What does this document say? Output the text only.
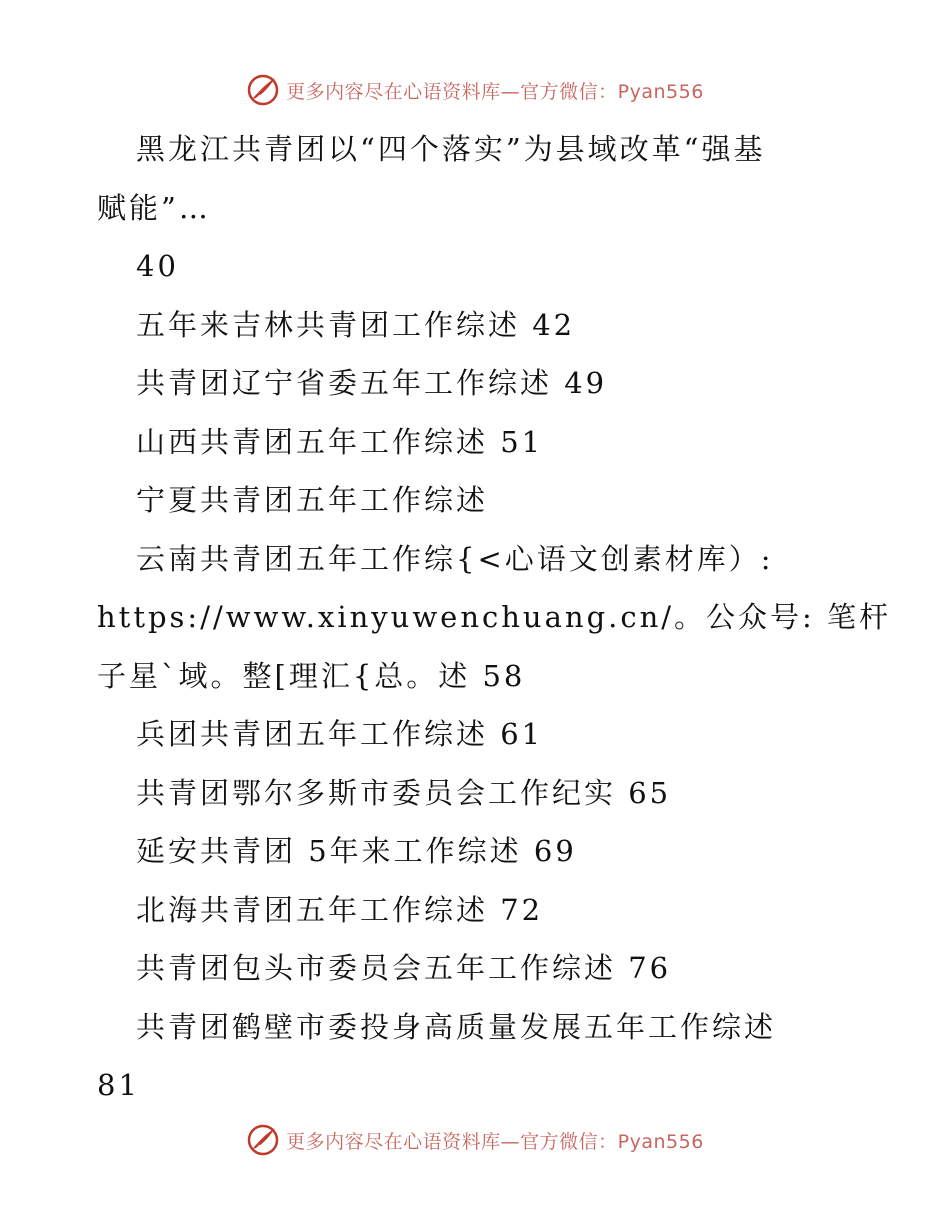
更多内容尽在心语资料库—官方微信：Pyan556

黑龙江共青团以“四个落实”为县域改革“强基

赋能”…

40

五年来吉林共青团工作综述 42

共青团辽宁省委五年工作综述 49

山西共青团五年工作综述 51

宁夏共青团五年工作综述

云南共青团五年工作综{<心语文创素材库）:

https://www.xinyuwenchuang.cn/。公众号: 笔杆

子星`域。整[理汇{总。述 58

兵团共青团五年工作综述 61

共青团鄂尔多斯市委员会工作纪实 65

延安共青团 5年来工作综述 69

北海共青团五年工作综述 72

共青团包头市委员会五年工作综述 76

共青团鹤壁市委投身高质量发展五年工作综述

81

更多内容尽在心语资料库—官方微信：Pyan556
